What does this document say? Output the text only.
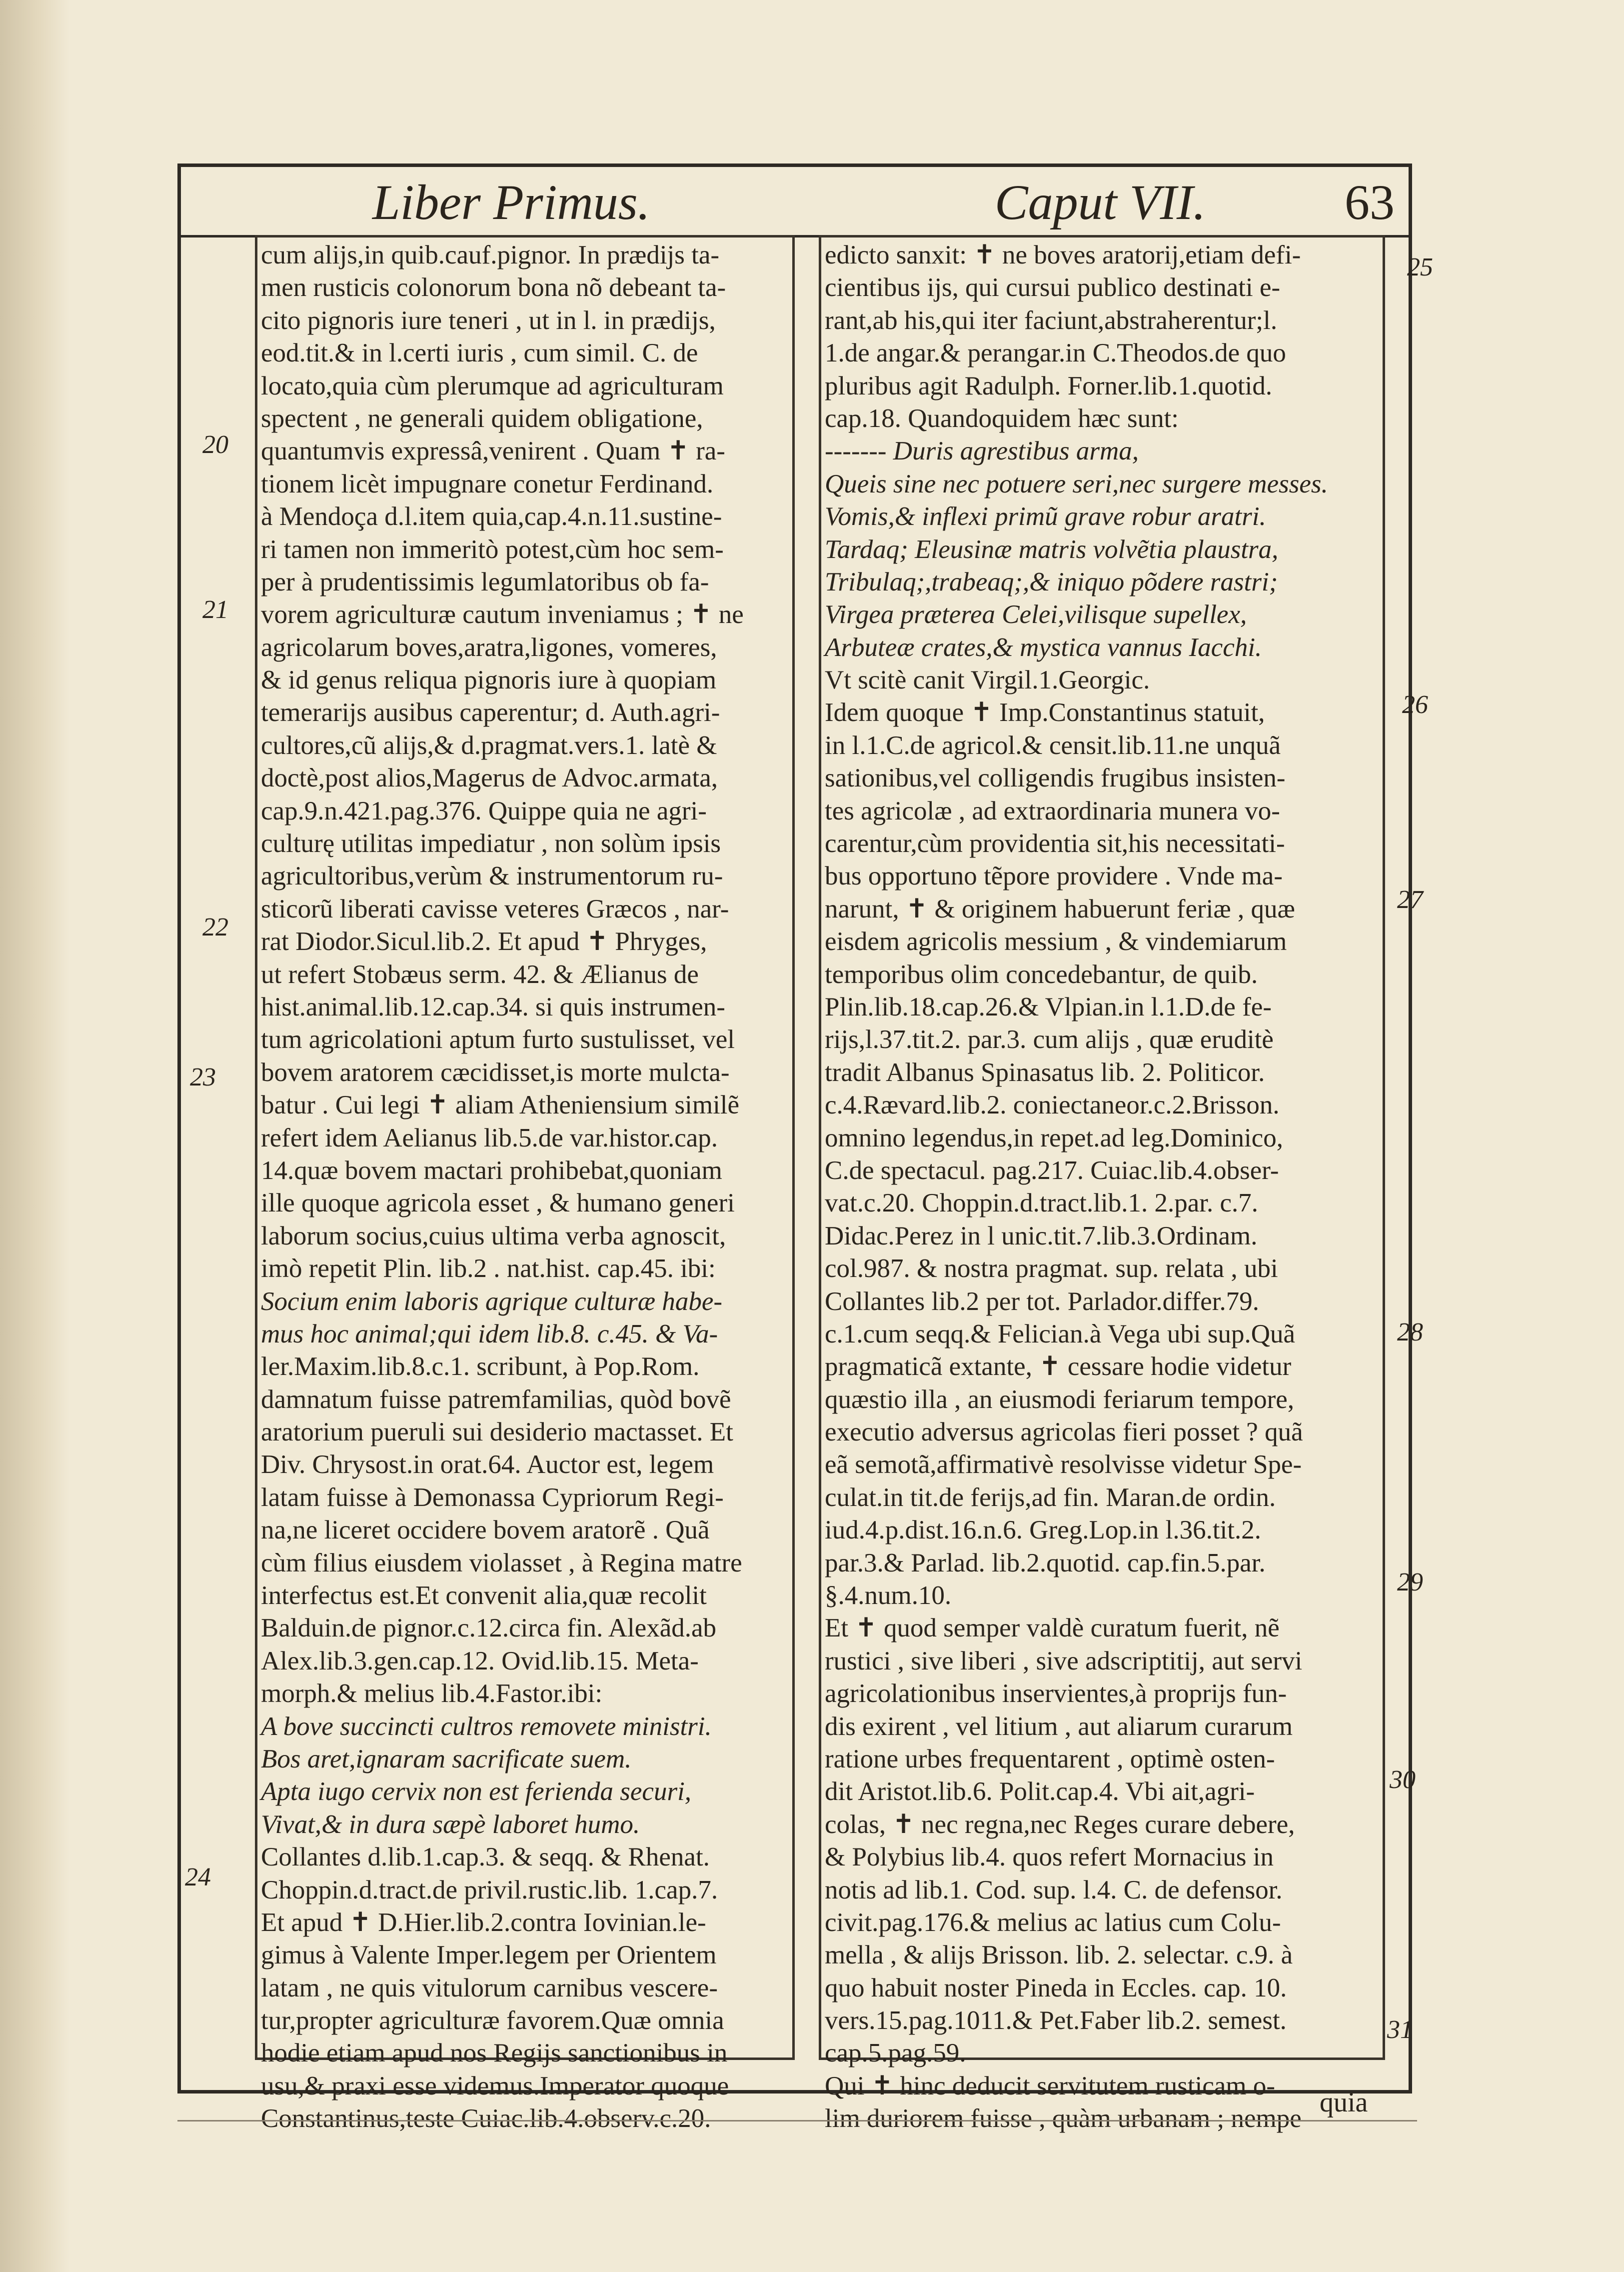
Liber Primus.	Caput VII.	63
cum alijs,in quib.cauf.pignor. In prædijs ta-
men rusticis colonorum bona nõ debeant ta-
cito pignoris iure teneri , ut in l. in prædijs,
eod.tit.& in l.certi iuris , cum simil. C. de
locato,quia cùm plerumque ad agriculturam
spectent , ne generali quidem obligatione,
quantumvis expressâ,venirent . Quam ✝ ra-
tionem licèt impugnare conetur Ferdinand.
à Mendoça d.l.item quia,cap.4.n.11.sustine-
ri tamen non immeritò potest,cùm hoc sem-
per à prudentissimis legumlatoribus ob fa-
vorem agriculturæ cautum inveniamus ; ✝ ne
agricolarum boves,aratra,ligones, vomeres,
& id genus reliqua pignoris iure à quopiam
temerarijs ausibus caperentur; d. Auth.agri-
cultores,cũ alijs,& d.pragmat.vers.1. latè &
doctè,post alios,Magerus de Advoc.armata,
cap.9.n.421.pag.376. Quippe quia ne agri-
culturę utilitas impediatur , non solùm ipsis
agricultoribus,verùm & instrumentorum ru-
sticorũ liberati cavisse veteres Græcos , nar-
rat Diodor.Sicul.lib.2. Et apud ✝ Phryges,
ut refert Stobæus serm. 42. & Ælianus de
hist.animal.lib.12.cap.34. si quis instrumen-
tum agricolationi aptum furto sustulisset, vel
bovem aratorem cæcidisset,is morte mulcta-
batur . Cui legi ✝ aliam Atheniensium similẽ
refert idem Aelianus lib.5.de var.histor.cap.
14.quæ bovem mactari prohibebat,quoniam
ille quoque agricola esset , & humano generi
laborum socius,cuius ultima verba agnoscit,
imò repetit Plin. lib.2 . nat.hist. cap.45. ibi:
Socium enim laboris agrique culturæ habe-
mus hoc animal;qui idem lib.8. c.45. & Va-
ler.Maxim.lib.8.c.1. scribunt, à Pop.Rom.
damnatum fuisse patremfamilias, quòd bovẽ
aratorium pueruli sui desiderio mactasset. Et
Div. Chrysost.in orat.64. Auctor est, legem
latam fuisse à Demonassa Cypriorum Regi-
na,ne liceret occidere bovem aratorẽ . Quã
cùm filius eiusdem violasset , à Regina matre
interfectus est.Et convenit alia,quæ recolit
Balduin.de pignor.c.12.circa fin. Alexãd.ab
Alex.lib.3.gen.cap.12. Ovid.lib.15. Meta-
morph.& melius lib.4.Fastor.ibi:
A bove succincti cultros removete ministri.
Bos aret,ignaram sacrificate suem.
Apta iugo cervix non est ferienda securi,
Vivat,& in dura sæpè laboret humo.
Collantes d.lib.1.cap.3. & seqq. & Rhenat.
Choppin.d.tract.de privil.rustic.lib. 1.cap.7.
Et apud ✝ D.Hier.lib.2.contra Iovinian.le-
gimus à Valente Imper.legem per Orientem
latam , ne quis vitulorum carnibus vescere-
tur,propter agriculturæ favorem.Quæ omnia
hodie etiam apud nos Regijs sanctionibus in
usu,& praxi esse videmus.Imperator quoque
Constantinus,teste Cuiac.lib.4.observ.c.20.
edicto sanxit: ✝ ne boves aratorij,etiam defi-
cientibus ijs, qui cursui publico destinati e-
rant,ab his,qui iter faciunt,abstraherentur;l.
1.de angar.& perangar.in C.Theodos.de quo
pluribus agit Radulph. Forner.lib.1.quotid.
cap.18. Quandoquidem hæc sunt:
------- Duris agrestibus arma,
Queis sine nec potuere seri,nec surgere messes.
Vomis,& inflexi primũ grave robur aratri.
Tardaq; Eleusinæ matris volvẽtia plaustra,
Tribulaq;,trabeaq;,& iniquo põdere rastri;
Virgea præterea Celei,vilisque supellex,
Arbuteæ crates,& mystica vannus Iacchi.
Vt scitè canit Virgil.1.Georgic.
Idem quoque ✝ Imp.Constantinus statuit,
in l.1.C.de agricol.& censit.lib.11.ne unquã
sationibus,vel colligendis frugibus insisten-
tes agricolæ , ad extraordinaria munera vo-
carentur,cùm providentia sit,his necessitati-
bus opportuno tẽpore providere . Vnde ma-
narunt, ✝ & originem habuerunt feriæ , quæ
eisdem agricolis messium , & vindemiarum
temporibus olim concedebantur, de quib.
Plin.lib.18.cap.26.& Vlpian.in l.1.D.de fe-
rijs,l.37.tit.2. par.3. cum alijs , quæ eruditè
tradit Albanus Spinasatus lib. 2. Politicor.
c.4.Rævard.lib.2. coniectaneor.c.2.Brisson.
omnino legendus,in repet.ad leg.Dominico,
C.de spectacul. pag.217. Cuiac.lib.4.obser-
vat.c.20. Choppin.d.tract.lib.1. 2.par. c.7.
Didac.Perez in l unic.tit.7.lib.3.Ordinam.
col.987. & nostra pragmat. sup. relata , ubi
Collantes lib.2 per tot. Parlador.differ.79.
c.1.cum seqq.& Felician.à Vega ubi sup.Quã
pragmaticã extante, ✝ cessare hodie videtur
quæstio illa , an eiusmodi feriarum tempore,
executio adversus agricolas fieri posset ? quã
eã semotã,affirmativè resolvisse videtur Spe-
culat.in tit.de ferijs,ad fin. Maran.de ordin.
iud.4.p.dist.16.n.6. Greg.Lop.in l.36.tit.2.
par.3.& Parlad. lib.2.quotid. cap.fin.5.par.
§.4.num.10.
Et ✝ quod semper valdè curatum fuerit, nẽ
rustici , sive liberi , sive adscriptitij, aut servi
agricolationibus inservientes,à proprijs fun-
dis exirent , vel litium , aut aliarum curarum
ratione urbes frequentarent , optimè osten-
dit Aristot.lib.6. Polit.cap.4. Vbi ait,agri-
colas, ✝ nec regna,nec Reges curare debere,
& Polybius lib.4. quos refert Mornacius in
notis ad lib.1. Cod. sup. l.4. C. de defensor.
civit.pag.176.& melius ac latius cum Colu-
mella , & alijs Brisson. lib. 2. selectar. c.9. à
quo habuit noster Pineda in Eccles. cap. 10.
vers.15.pag.1011.& Pet.Faber lib.2. semest.
cap.5.pag.59.
Qui ✝ hinc deducit servitutem rusticam o-
lim duriorem fuisse , quàm urbanam ; nempe
20
21
22
23
24
25
26
27
28
29
30
31
quia
